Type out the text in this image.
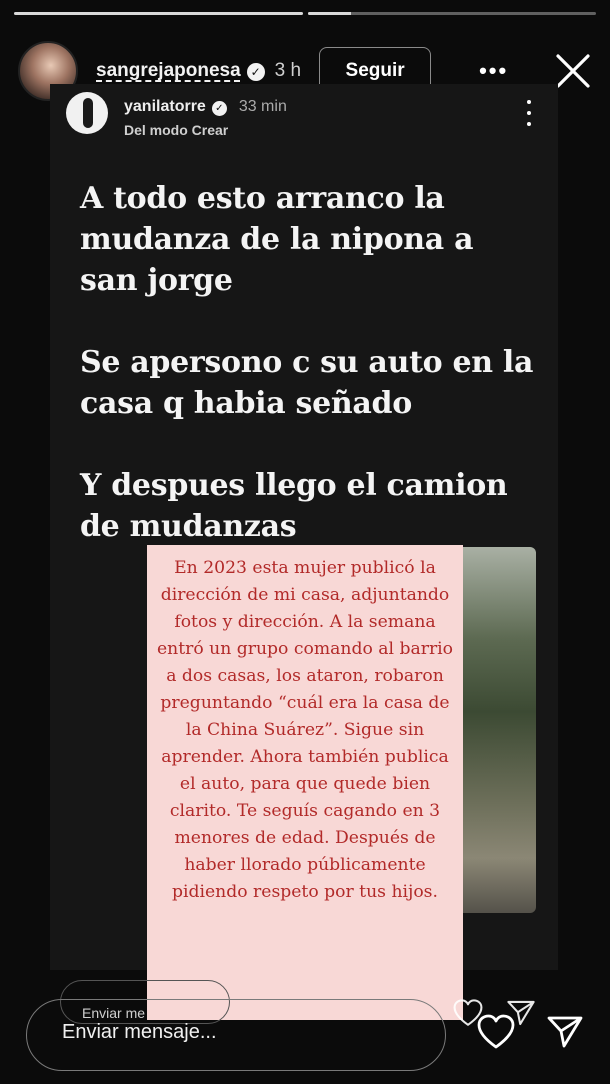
sangrejaponesa ✓ 3 h	Seguir	•••
yanilatorre ✓ 33 min
Del modo Crear

A todo esto arranco la mudanza de la nipona a san jorge

Se apersono c su auto en la casa q habia señado

Y despues llego el camion de mudanzas

En 2023 esta mujer publicó la dirección de mi casa, adjuntando fotos y dirección. A la semana entró un grupo comando al barrio a dos casas, los ataron, robaron preguntando “cuál era la casa de la China Suárez”. Sigue sin aprender. Ahora también publica el auto, para que quede bien clarito. Te seguís cagando en 3 menores de edad. Después de haber llorado públicamente pidiendo respeto por tus hijos.
Enviar me
Enviar mensaje...
